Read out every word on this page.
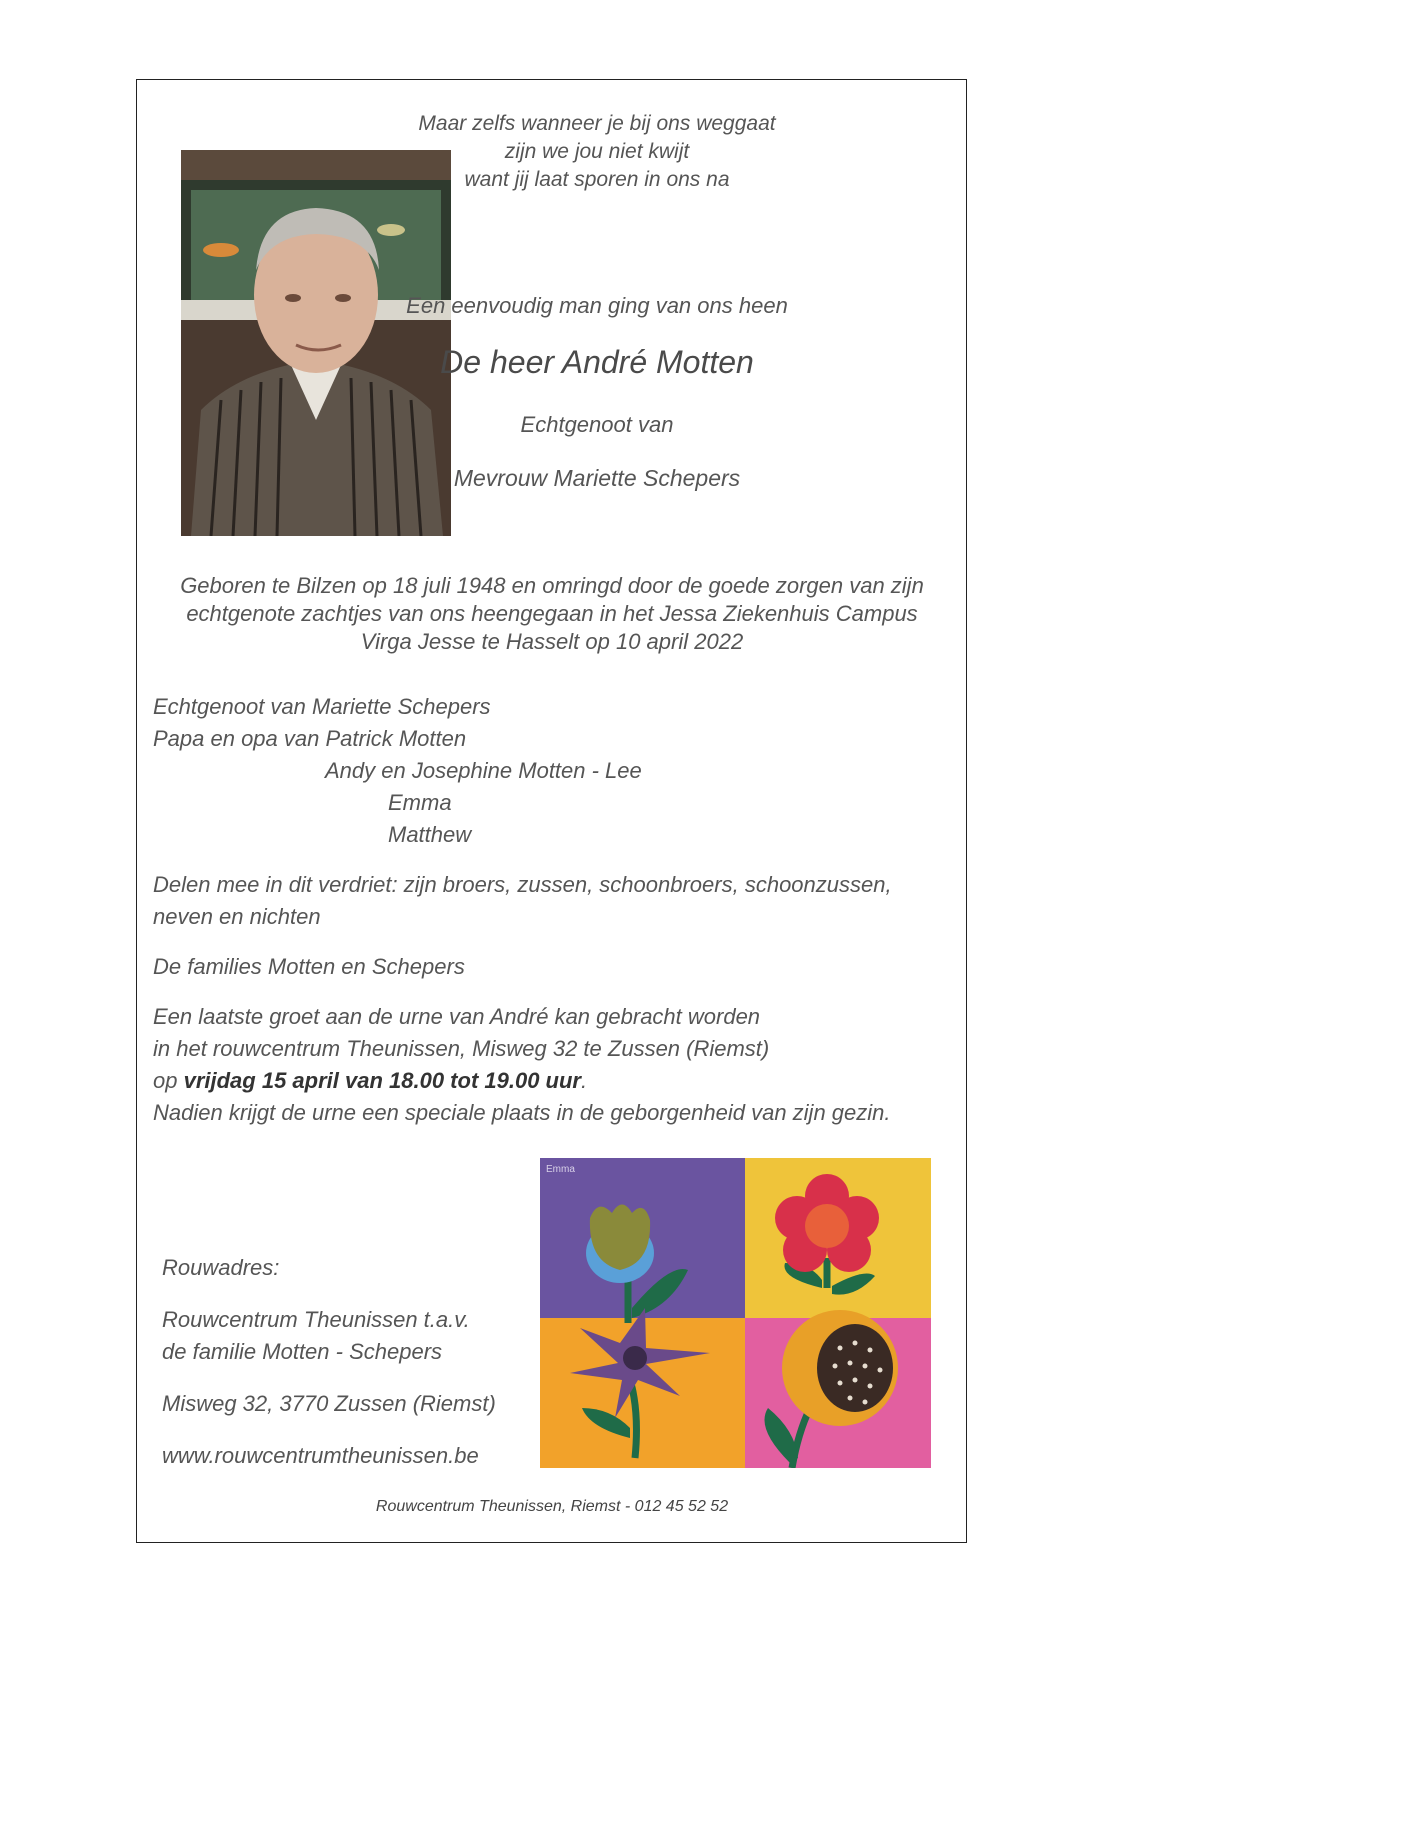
Maar zelfs wanneer je bij ons weggaat
zijn we jou niet kwijt
want jij laat sporen in ons na
Een eenvoudig man ging van ons heen
De heer André Motten
Echtgenoot van
Mevrouw Mariette Schepers
Geboren te Bilzen op 18 juli 1948 en omringd door de goede zorgen van zijn
echtgenote zachtjes van ons heengegaan in het Jessa Ziekenhuis Campus
Virga Jesse te Hasselt op 10 april 2022
Echtgenoot van Mariette Schepers
Papa en opa van Patrick Motten
Andy en Josephine Motten - Lee
Emma
Matthew
Delen mee in dit verdriet: zijn broers, zussen, schoonbroers, schoonzussen,
neven en nichten
De families Motten en Schepers
Een laatste groet aan de urne van André kan gebracht worden
in het rouwcentrum Theunissen, Misweg 32 te Zussen (Riemst)
op vrijdag 15 april van 18.00 tot 19.00 uur.
Nadien krijgt de urne een speciale plaats in de geborgenheid van zijn gezin.
Emma
Rouwadres:
Rouwcentrum Theunissen t.a.v.
de familie Motten - Schepers
Misweg 32, 3770 Zussen (Riemst)
www.rouwcentrumtheunissen.be
Rouwcentrum Theunissen, Riemst - 012 45 52 52
